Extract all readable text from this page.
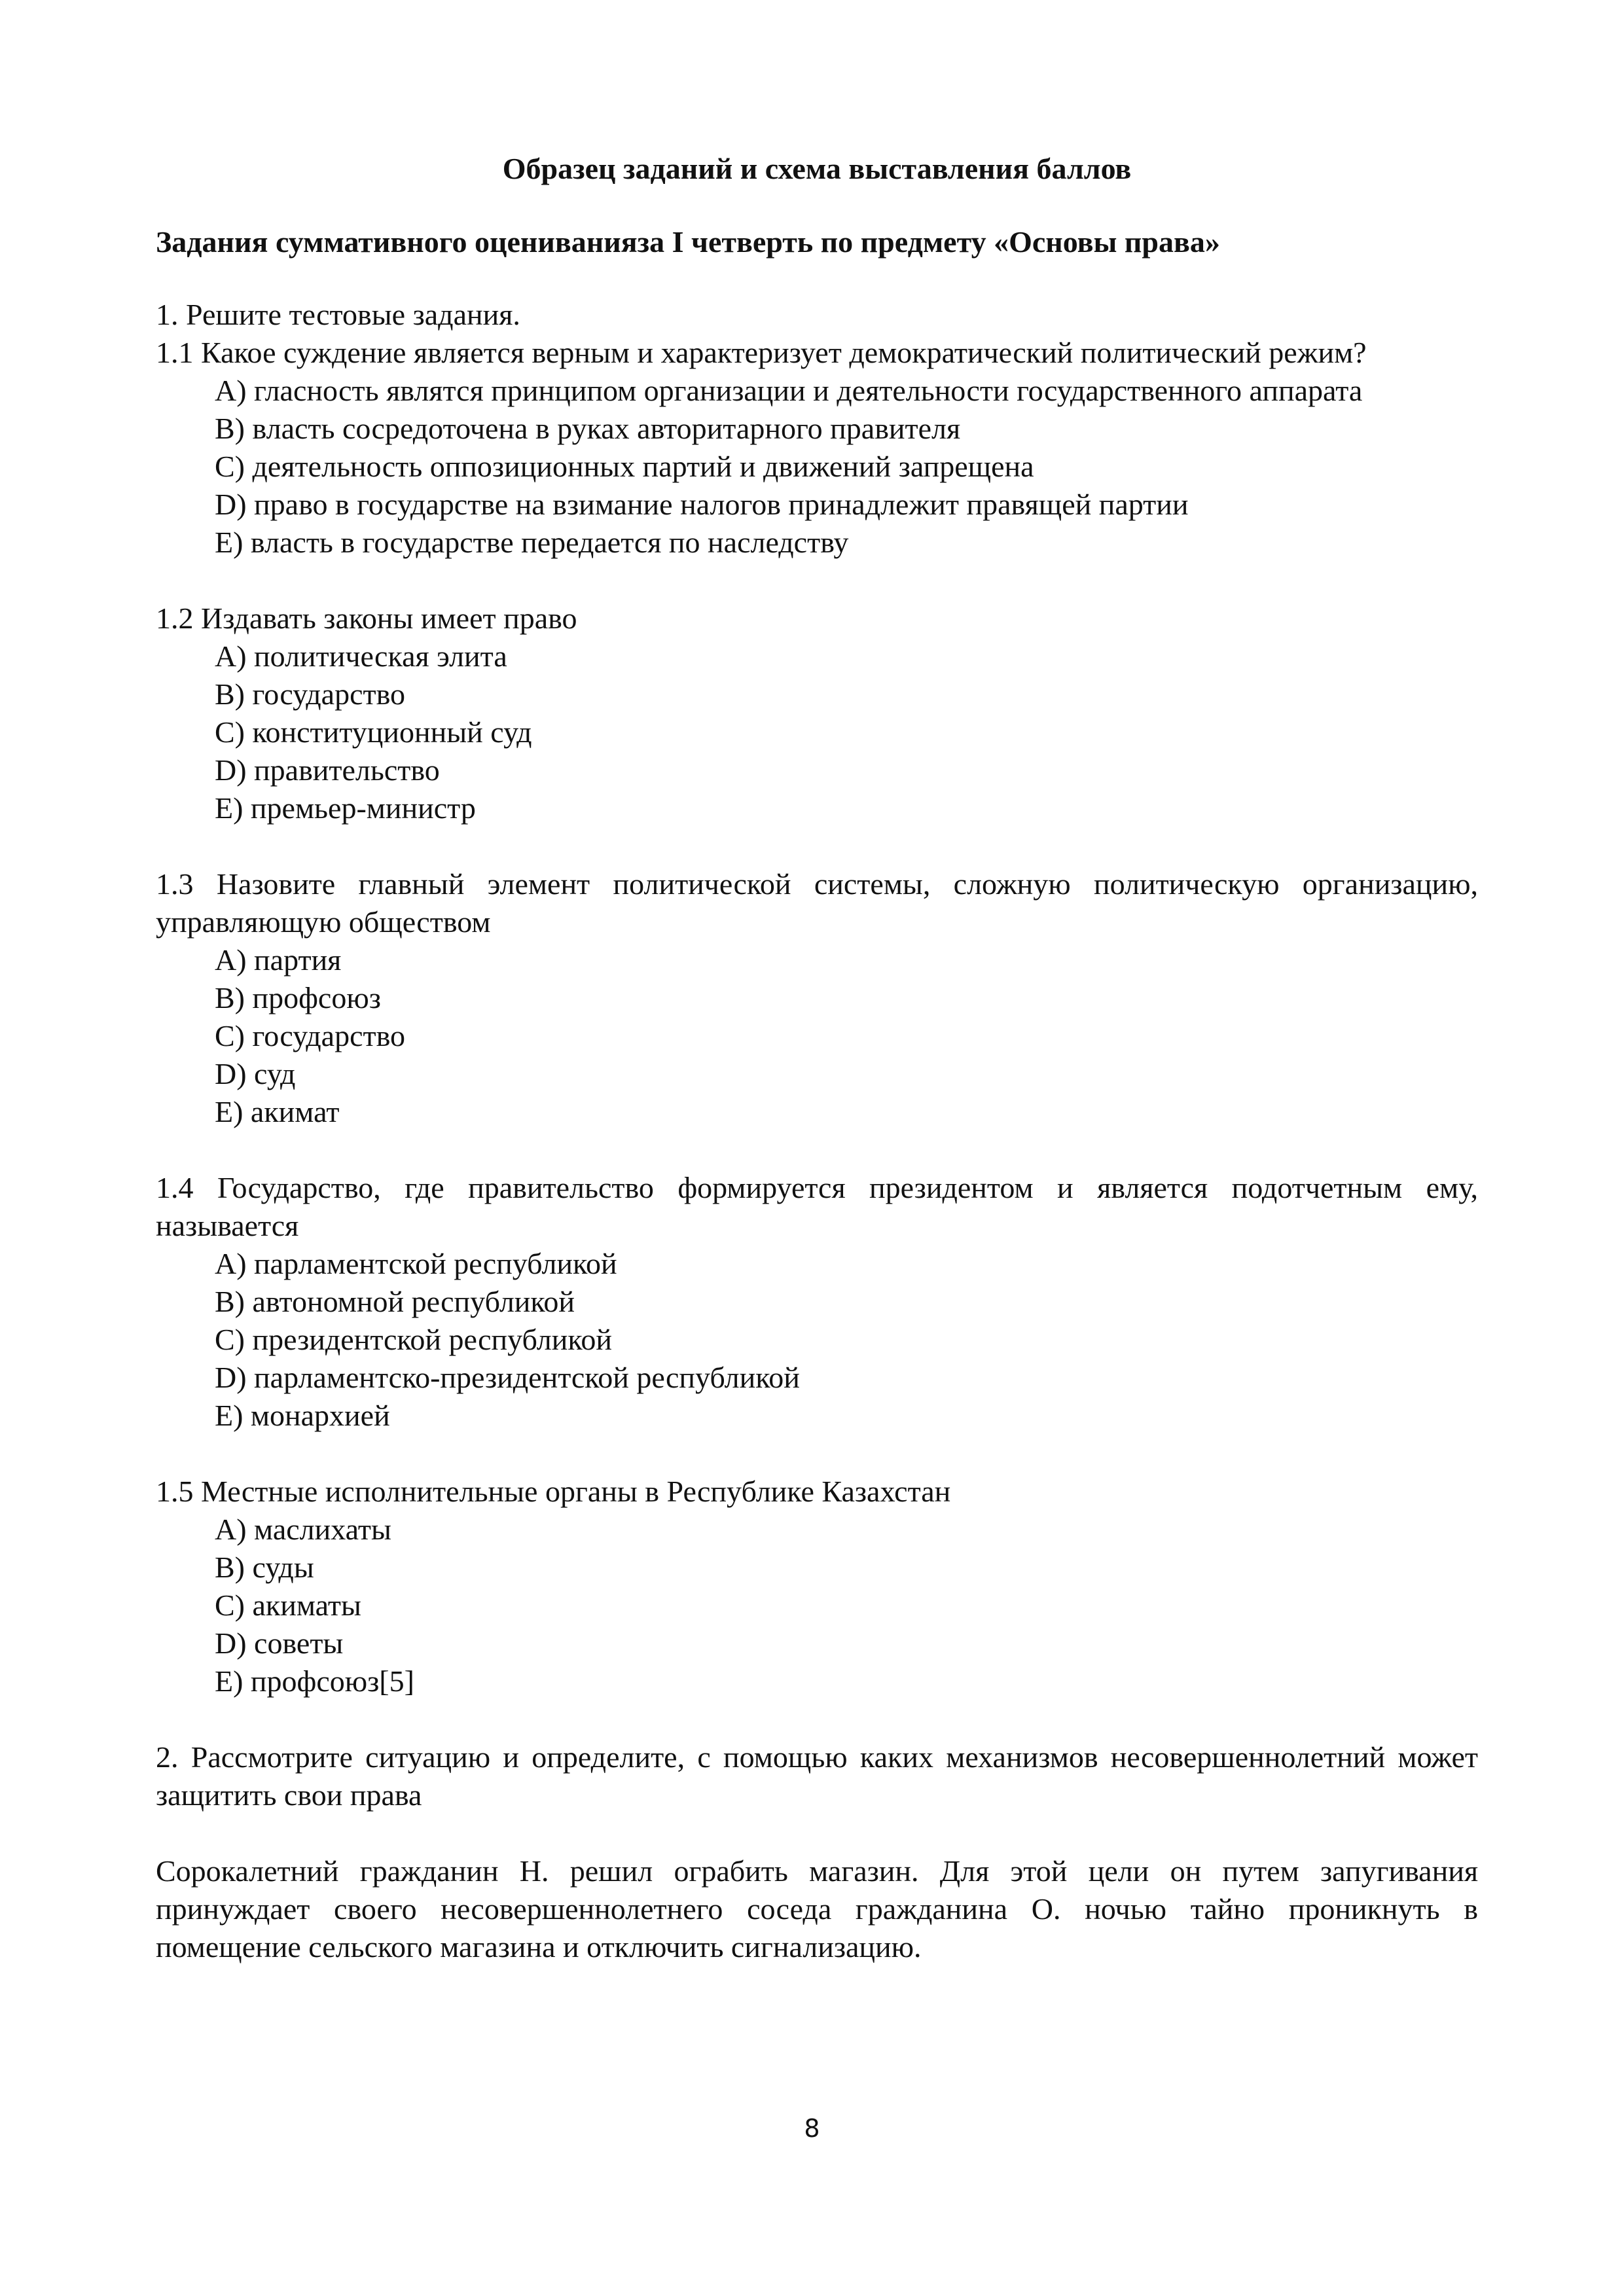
Образец заданий и схема выставления баллов
Задания суммативного оцениванияза I четверть по предмету «Основы права»

1. Решите тестовые задания.

1.1 Какое суждение является верным и характеризует демократический политический режим?

A) гласность являтся принципом организации и деятельности государственного аппарата
B) власть сосредоточена в руках авторитарного правителя
C) деятельность оппозиционных партий и движений запрещена
D) право в государстве на взимание налогов принадлежит правящей партии
E) власть в государстве передается по наследству

1.2 Издавать законы имеет право

A) политическая элита
B) государство
C) конституционный суд
D) правительство
E) премьер-министр

1.3 Назовите главный элемент политической системы, сложную политическую организацию, управляющую обществом

A) партия
B) профсоюз
C) государство
D) суд
E) акимат

1.4 Государство, где правительство формируется президентом и является подотчетным ему, называется

A) парламентской республикой
B) автономной республикой
C) президентской республикой
D) парламентско-президентской республикой
E) монархией

1.5 Местные исполнительные органы в Республике Казахстан

A) маслихаты
B) суды
C) акиматы
D) советы
E) профсоюз[5]

2. Рассмотрите ситуацию и определите, с помощью каких механизмов несовершеннолетний может защитить свои права

Сорокалетний гражданин Н. решил ограбить магазин. Для этой цели он путем запугивания принуждает своего несовершеннолетнего соседа гражданина О. ночью тайно проникнуть в помещение сельского магазина и отключить сигнализацию.

8
